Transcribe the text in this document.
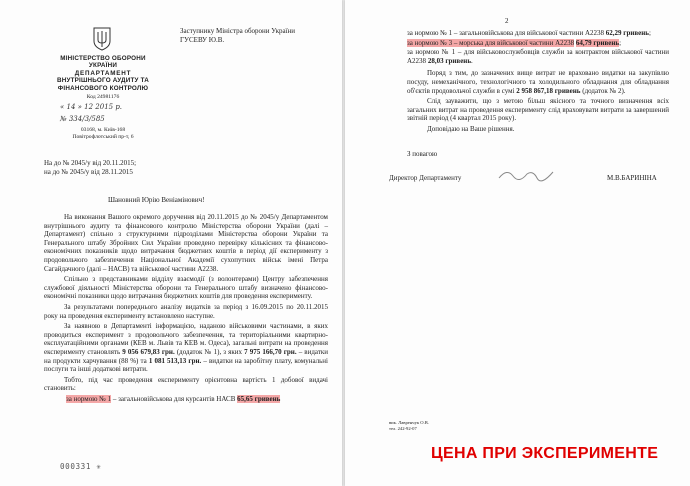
МІНІСТЕРСТВО ОБОРОНИ
УКРАЇНИ
ДЕПАРТАМЕНТ
ВНУТРІШНЬОГО АУДИТУ ТА
ФІНАНСОВОГО КОНТРОЛЮ
Код 24981176
« 14 » 12 2015 р.
№ 334/3/585
03168, м. Київ-168
Повітрофлотський пр-т, 6
Заступнику Міністра оборони України
ГУСЕВУ Ю.В.
На до № 2045/у від 20.11.2015;
на до № 2045/у від 28.11.2015
Шановний Юрію Веніамінович!
На виконання Вашого окремого доручення від 20.11.2015 до № 2045/у Департаментом внутрішнього аудиту та фінансового контролю Міністерства оборони України (далі – Департамент) спільно з структурними підрозділами Міністерства оборони України та Генерального штабу Збройних Сил України проведено перевірку кількісних та фінансово-економічних показників щодо витрачання бюджетних коштів в період дії експерименту з продовольчого забезпечення Національної Академії сухопутних військ імені Петра Сагайдачного (далі – НАСВ) та військової частини А2238.
Спільно з представниками відділу взаємодії (з волонтерами) Центру забезпечення службової діяльності Міністерства оборони та Генерального штабу визначено фінансово-економічні показники щодо витрачання бюджетних коштів для проведення експерименту.
За результатами попереднього аналізу видатків за період з 16.09.2015 по 20.11.2015 року на проведення експерименту встановлено наступне.
За наявною в Департаменті інформацією, наданою військовими частинами, в яких проводиться експеримент з продовольчого забезпечення, та територіальними квартирно-експлуатаційними органами (КЕВ м. Львів та КЕВ м. Одеса), загальні витрати на проведення експерименту становлять 9 056 679,83 грн. (додаток № 1), з яких 7 975 166,70 грн. – видатки на продукти харчування (88 %) та 1 081 513,13 грн. – видатки на заробітну плату, комунальні послуги та інші додаткові витрати.
Тобто, під час проведення експерименту орієнтовна вартість 1 добової видачі становить:
за нормою № 1 – загальновійськова для курсантів НАСВ 65,65 гривень
000331 ✳
2
за нормою № 1 – загальновійськова для військової частини А2238 62,29 гривень;
за нормою № 3 – морська для військової частини А2238 64,79 гривень;
за нормою № 1 – для військовослужбовців служби за контрактом військової частини А2238 28,03 гривень.
Поряд з тим, до зазначених вище витрат не враховано видатки на закупівлю посуду, немеханічного, технологічного та холодильного обладнання для обладнання об'єктів продовольчої служби в сумі 2 958 867,18 гривень (додаток № 2).
Слід зауважити, що з метою більш якісного та точного визначення всіх загальних витрат на проведення експерименту слід враховувати витрати за завершений звітній період (4 квартал 2015 року).
Доповідаю на Ваше рішення.
З повагою
Директор Департаменту	М.В.БАРИНІНА
вик. Лавренчук О.В.
тел. 242-92-07
ЦЕНА ПРИ ЭКСПЕРИМЕНТЕ
